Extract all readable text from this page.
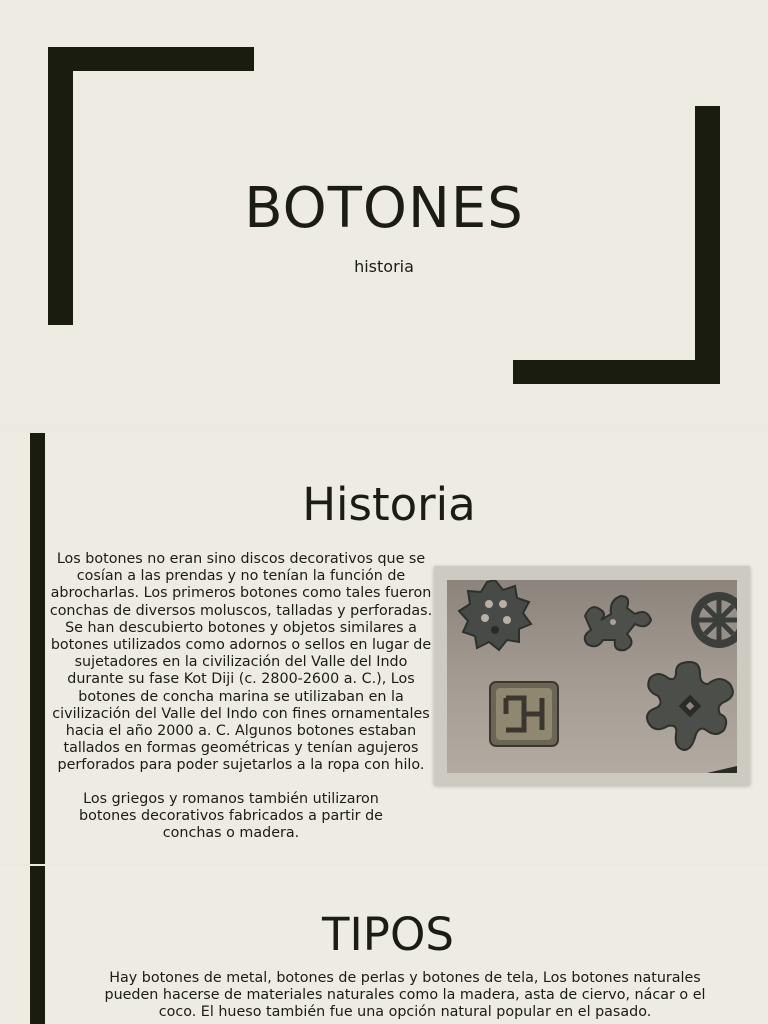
BOTONES
historia
Historia

Los botones no eran sino discos decorativos que se cosían a las prendas y no tenían la función de abrocharlas. Los primeros botones como tales fueron conchas de diversos moluscos, talladas y perforadas. Se han descubierto botones y objetos similares a botones utilizados como adornos o sellos en lugar de sujetadores en la civilización del Valle del Indo durante su fase Kot Diji (c. 2800-2600 a. C.), Los botones de concha marina se utilizaban en la civilización del Valle del Indo con fines ornamentales hacia el año 2000 a. C. Algunos botones estaban tallados en formas geométricas y tenían agujeros perforados para poder sujetarlos a la ropa con hilo.

Los griegos y romanos también utilizaron botones decorativos fabricados a partir de conchas o madera.

TIPOS

Hay botones de metal, botones de perlas y botones de tela, Los botones naturales pueden hacerse de materiales naturales como la madera, asta de ciervo, nácar o el coco. El hueso también fue una opción natural popular en el pasado.
